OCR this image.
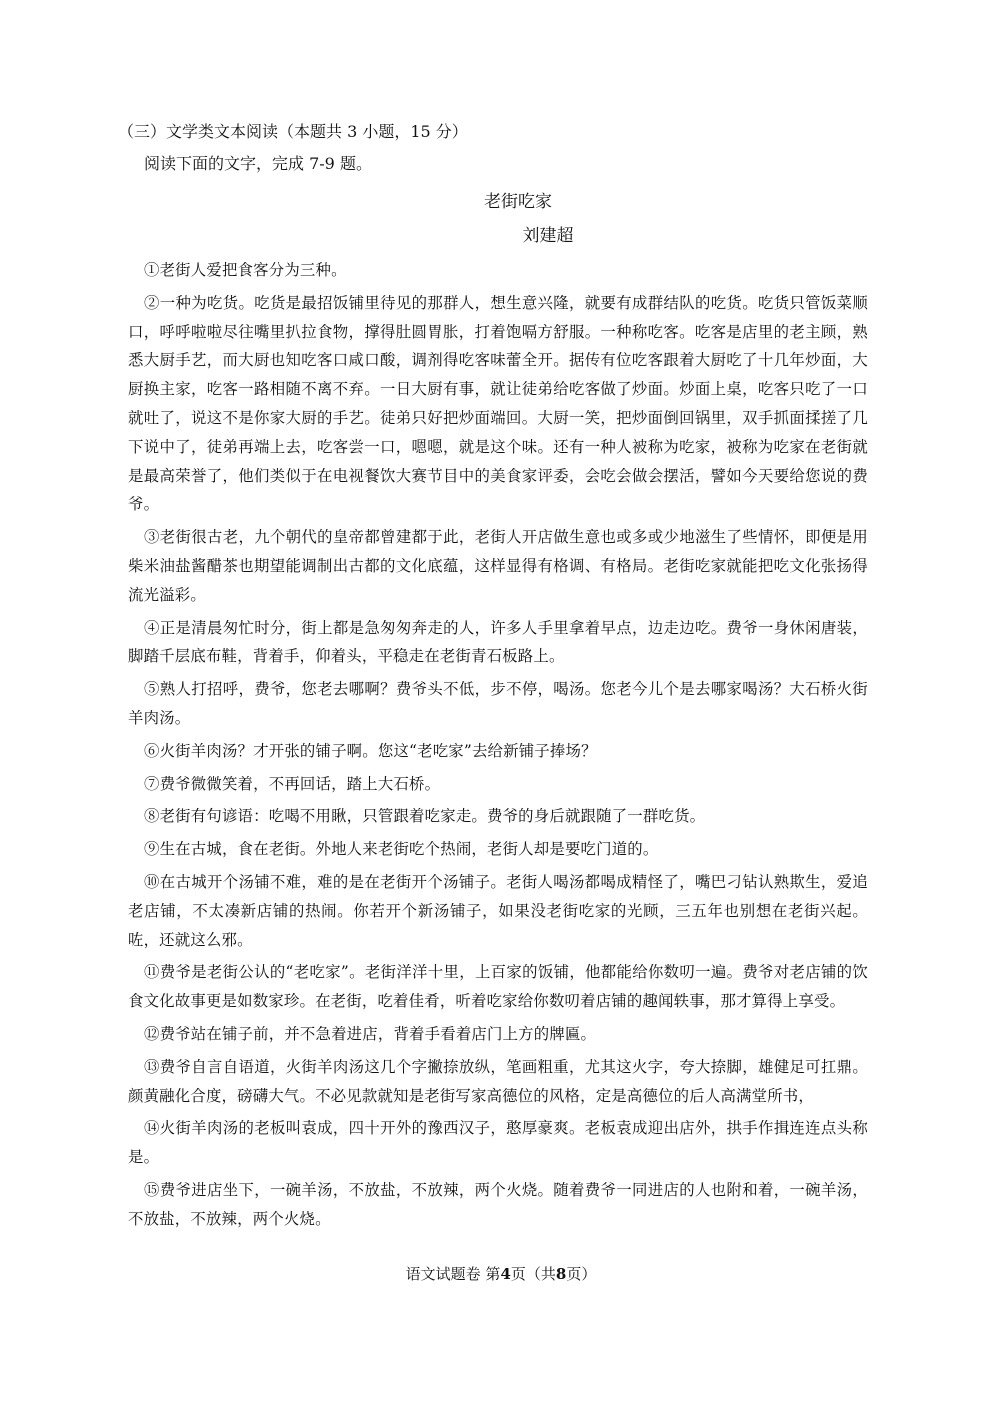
（三）文学类文本阅读（本题共 3 小题，15 分）
阅读下面的文字，完成 7-9 题。
老街吃家
刘建超

①老街人爱把食客分为三种。

②一种为吃货。吃货是最招饭铺里待见的那群人，想生意兴隆，就要有成群结队的吃货。吃货只管饭菜顺口，呼呼啦啦尽往嘴里扒拉食物，撑得肚圆胃胀，打着饱嗝方舒服。一种称吃客。吃客是店里的老主顾，熟悉大厨手艺，而大厨也知吃客口咸口酸，调剂得吃客味蕾全开。据传有位吃客跟着大厨吃了十几年炒面，大厨换主家，吃客一路相随不离不弃。一日大厨有事，就让徒弟给吃客做了炒面。炒面上桌，吃客只吃了一口就吐了，说这不是你家大厨的手艺。徒弟只好把炒面端回。大厨一笑，把炒面倒回锅里，双手抓面揉搓了几下说中了，徒弟再端上去，吃客尝一口，嗯嗯，就是这个味。还有一种人被称为吃家，被称为吃家在老街就是最高荣誉了，他们类似于在电视餐饮大赛节目中的美食家评委，会吃会做会摆活，譬如今天要给您说的费爷。

③老街很古老，九个朝代的皇帝都曾建都于此，老街人开店做生意也或多或少地滋生了些情怀，即便是用柴米油盐酱醋茶也期望能调制出古都的文化底蕴，这样显得有格调、有格局。老街吃家就能把吃文化张扬得流光溢彩。

④正是清晨匆忙时分，街上都是急匆匆奔走的人，许多人手里拿着早点，边走边吃。费爷一身休闲唐装，脚踏千层底布鞋，背着手，仰着头，平稳走在老街青石板路上。

⑤熟人打招呼，费爷，您老去哪啊？费爷头不低，步不停，喝汤。您老今儿个是去哪家喝汤？大石桥火街羊肉汤。

⑥火街羊肉汤？才开张的铺子啊。您这“老吃家”去给新铺子捧场？

⑦费爷微微笑着，不再回话，踏上大石桥。

⑧老街有句谚语：吃喝不用瞅，只管跟着吃家走。费爷的身后就跟随了一群吃货。

⑨生在古城，食在老街。外地人来老街吃个热闹，老街人却是要吃门道的。

⑩在古城开个汤铺不难，难的是在老街开个汤铺子。老街人喝汤都喝成精怪了，嘴巴刁钻认熟欺生，爱追老店铺，不太凑新店铺的热闹。你若开个新汤铺子，如果没老街吃家的光顾，三五年也别想在老街兴起。咗，还就这么邪。

⑪费爷是老街公认的“老吃家”。老街洋洋十里，上百家的饭铺，他都能给你数叨一遍。费爷对老店铺的饮食文化故事更是如数家珍。在老街，吃着佳肴，听着吃家给你数叨着店铺的趣闻轶事，那才算得上享受。

⑫费爷站在铺子前，并不急着进店，背着手看着店门上方的牌匾。

⑬费爷自言自语道，火街羊肉汤这几个字撇捺放纵，笔画粗重，尤其这火字，夸大捺脚，雄健足可扛鼎。颜黄融化合度，磅礴大气。不必见款就知是老街写家高德位的风格，定是高德位的后人高满堂所书，

⑭火街羊肉汤的老板叫袁成，四十开外的豫西汉子，憨厚豪爽。老板袁成迎出店外，拱手作揖连连点头称是。

⑮费爷进店坐下，一碗羊汤，不放盐，不放辣，两个火烧。随着费爷一同进店的人也附和着，一碗羊汤，不放盐，不放辣，两个火烧。

语文试题卷 第4页（共8页）
